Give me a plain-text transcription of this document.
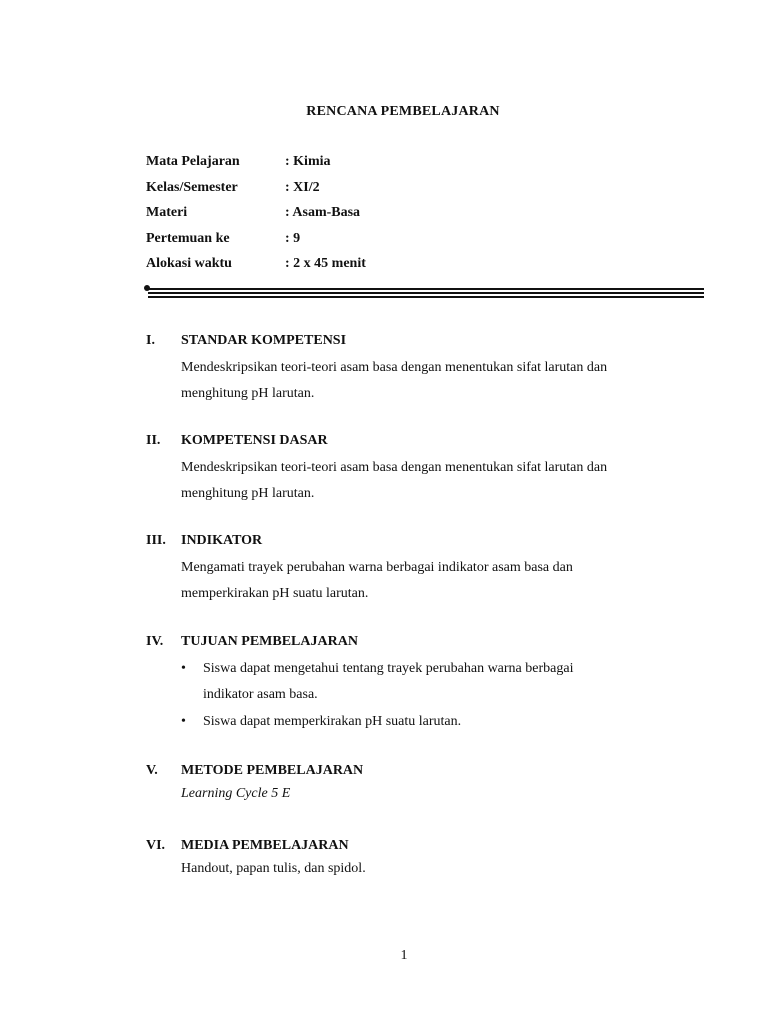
RENCANA PEMBELAJARAN
Mata Pelajaran	: Kimia
Kelas/Semester	: XI/2
Materi	: Asam-Basa
Pertemuan ke	: 9
Alokasi waktu	: 2 x 45 menit
I. STANDAR KOMPETENSI
Mendeskripsikan teori-teori asam basa dengan menentukan sifat larutan dan
menghitung pH larutan.
II. KOMPETENSI DASAR
Mendeskripsikan teori-teori asam basa dengan menentukan sifat larutan dan
menghitung pH larutan.
III. INDIKATOR
Mengamati trayek perubahan warna berbagai indikator asam basa dan
memperkirakan pH suatu larutan.
IV. TUJUAN PEMBELAJARAN
• Siswa dapat mengetahui tentang trayek perubahan warna berbagai
indikator asam basa.
• Siswa dapat memperkirakan pH suatu larutan.
V. METODE PEMBELAJARAN
Learning Cycle 5 E
VI. MEDIA PEMBELAJARAN
Handout, papan tulis, dan spidol.
1
